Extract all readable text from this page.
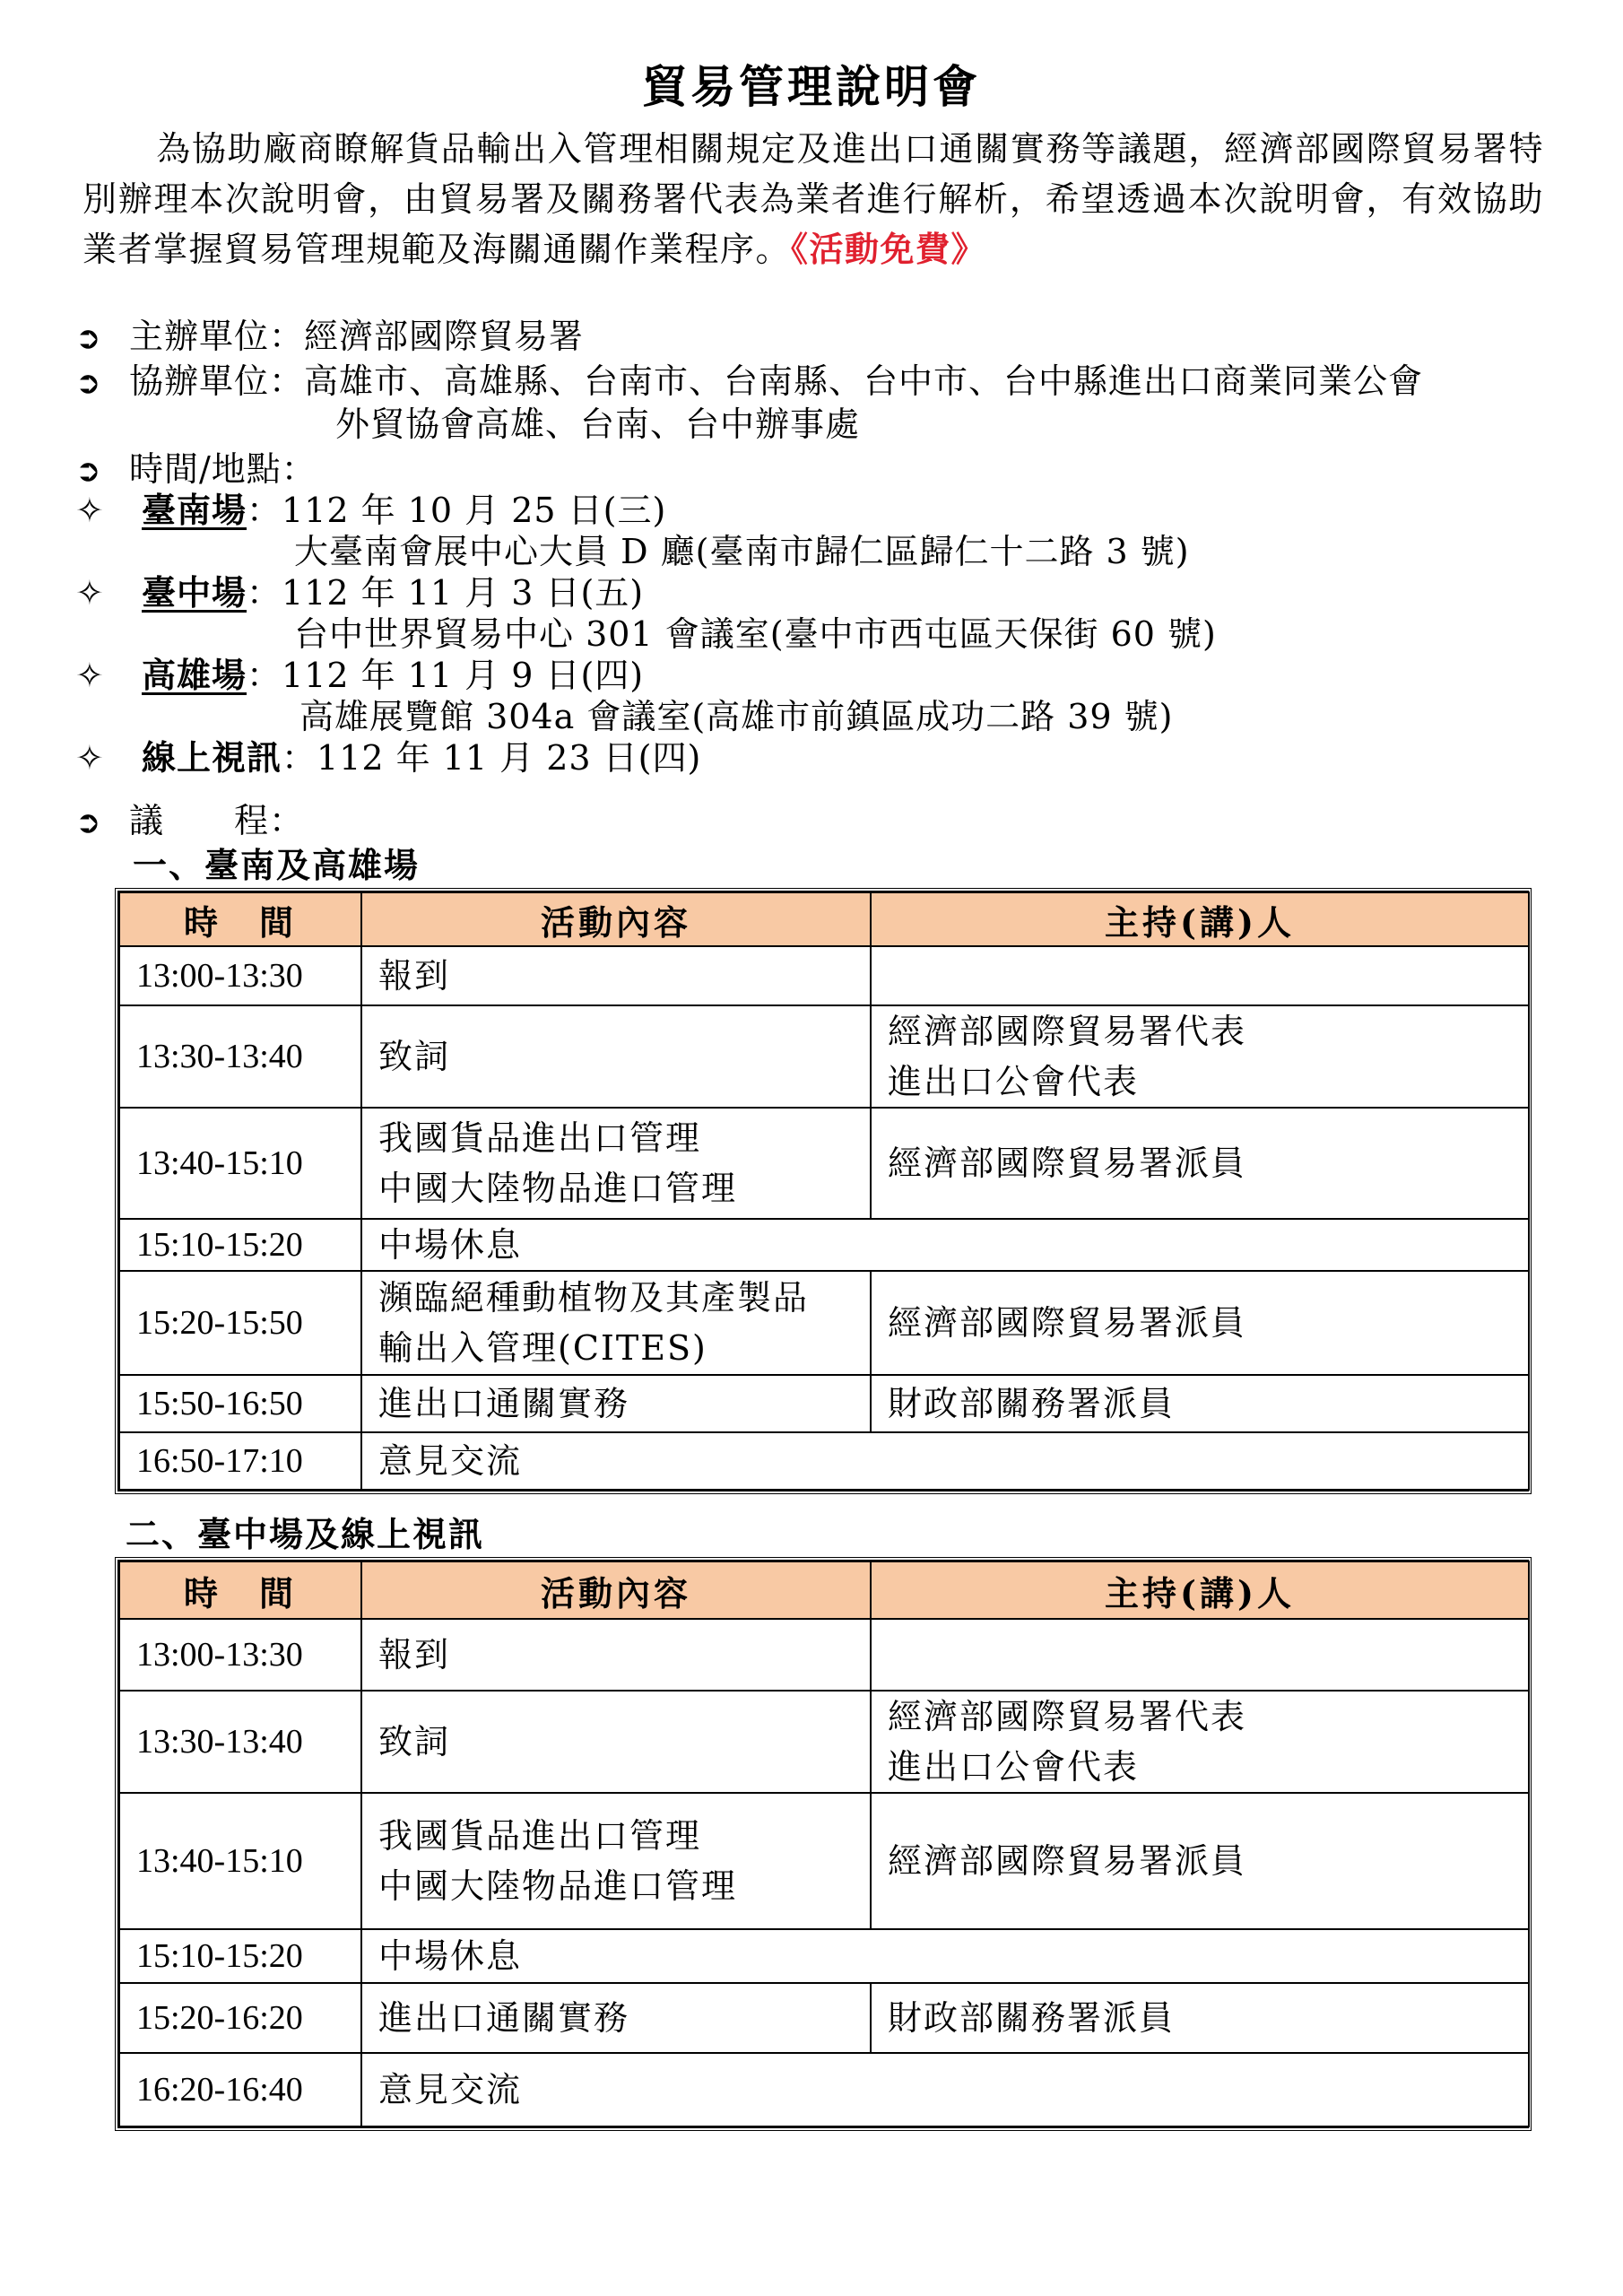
貿易管理說明會
為協助廠商瞭解貨品輸出入管理相關規定及進出口通關實務等議題，經濟部國際貿易署特別辦理本次說明會，由貿易署及關務署代表為業者進行解析，希望透過本次說明會，有效協助業者掌握貿易管理規範及海關通關作業程序。《活動免費》
➲ 主辦單位：經濟部國際貿易署
➲ 協辦單位：高雄市、高雄縣、台南市、台南縣、台中市、台中縣進出口商業同業公會
外貿協會高雄、台南、台中辦事處
➲ 時間/地點：
✧ 臺南場：112 年 10 月 25 日(三)
大臺南會展中心大員 D 廳(臺南市歸仁區歸仁十二路 3 號)
✧ 臺中場：112 年 11 月 3 日(五)
台中世界貿易中心 301 會議室(臺中市西屯區天保街 60 號)
✧ 高雄場：112 年 11 月 9 日(四)
高雄展覽館 304a 會議室(高雄市前鎮區成功二路 39 號)
✧ 線上視訊：112 年 11 月 23 日(四)
➲ 議　　程：
一、臺南及高雄場
時　間	活動內容	主持(講)人
13:00-13:30	報到	

13:30-13:40	致詞	經濟部國際貿易署代表
進出口公會代表

13:40-15:10	我國貨品進出口管理
中國大陸物品進口管理	經濟部國際貿易署派員

15:10-15:20	中場休息	

15:20-15:50	瀕臨絕種動植物及其產製品
輸出入管理(CITES)	經濟部國際貿易署派員

15:50-16:50	進出口通關實務	財政部關務署派員

16:50-17:10	意見交流	
二、臺中場及線上視訊
時　間	活動內容	主持(講)人
13:00-13:30	報到	

13:30-13:40	致詞	經濟部國際貿易署代表
進出口公會代表

13:40-15:10	我國貨品進出口管理
中國大陸物品進口管理	經濟部國際貿易署派員

15:10-15:20	中場休息	

15:20-16:20	進出口通關實務	財政部關務署派員

16:20-16:40	意見交流	
